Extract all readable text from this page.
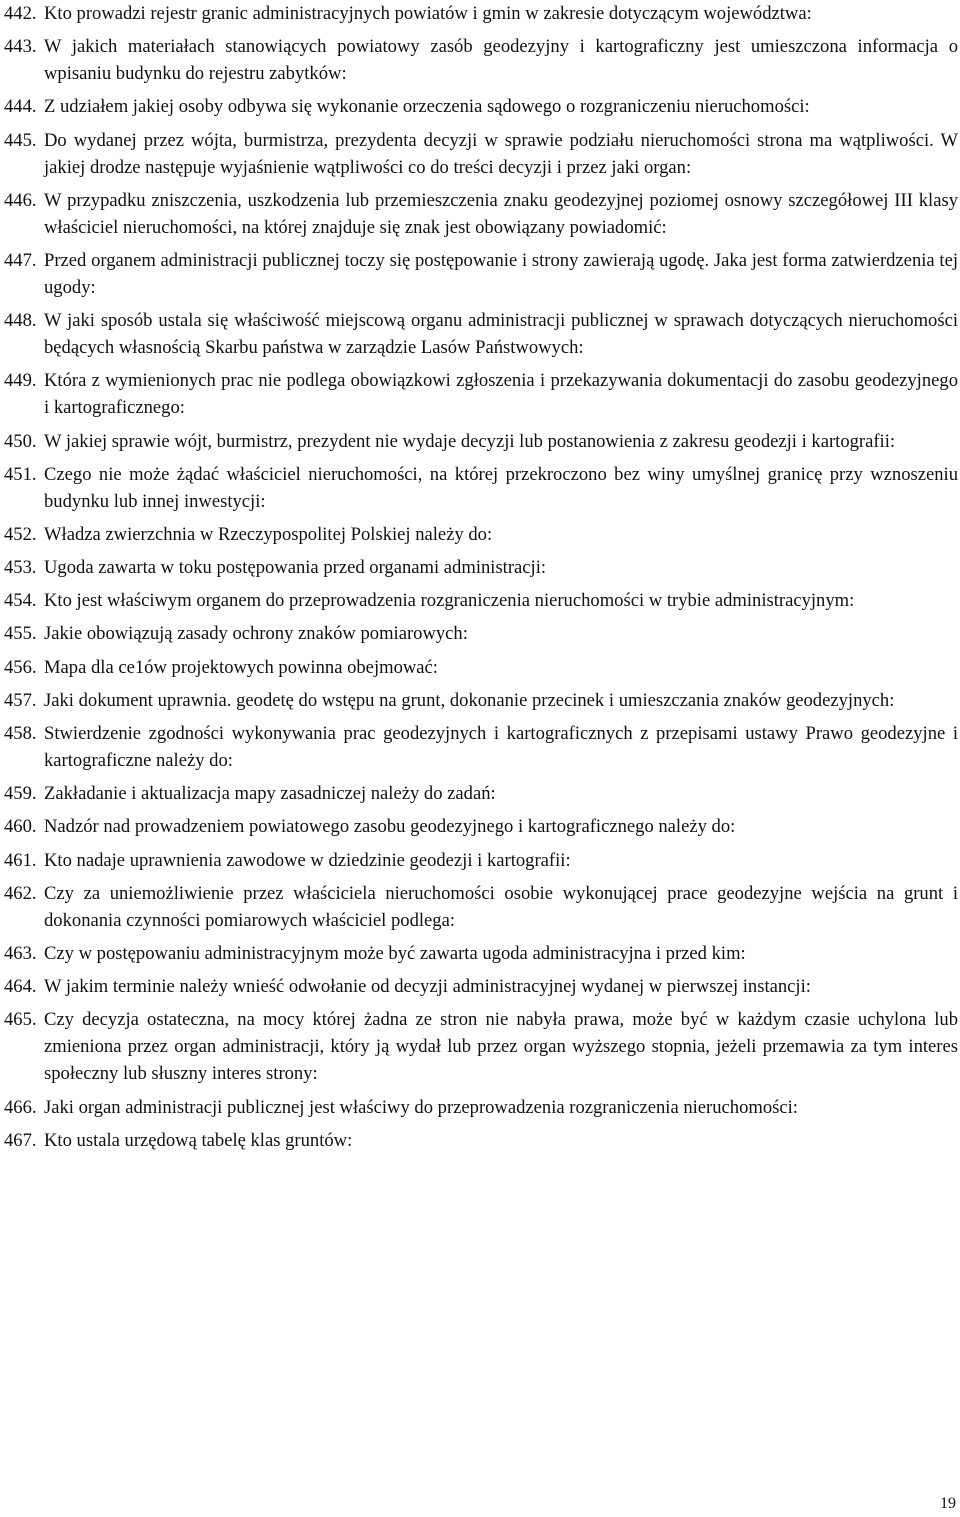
442. Kto prowadzi rejestr granic administracyjnych powiatów i gmin w zakresie dotyczącym województwa:
443. W jakich materiałach stanowiących powiatowy zasób geodezyjny i kartograficzny jest umieszczona informacja o wpisaniu budynku do rejestru zabytków:
444. Z udziałem jakiej osoby odbywa się wykonanie orzeczenia sądowego o rozgraniczeniu nieruchomości:
445. Do wydanej przez wójta, burmistrza, prezydenta decyzji w sprawie podziału nieruchomości strona ma wątpliwości. W jakiej drodze następuje wyjaśnienie wątpliwości co do treści decyzji i przez jaki organ:
446. W przypadku zniszczenia, uszkodzenia lub przemieszczenia znaku geodezyjnej poziomej osnowy szczegółowej III klasy właściciel nieruchomości, na której znajduje się znak jest obowiązany powiadomić:
447. Przed organem administracji publicznej toczy się postępowanie i strony zawierają ugodę. Jaka jest forma zatwierdzenia tej ugody:
448. W jaki sposób ustala się właściwość miejscową organu administracji publicznej w sprawach dotyczących nieruchomości będących własnością Skarbu państwa w zarządzie Lasów Państwowych:
449. Która z wymienionych prac nie podlega obowiązkowi zgłoszenia i przekazywania dokumentacji do zasobu geodezyjnego i kartograficznego:
450. W jakiej sprawie wójt, burmistrz, prezydent nie wydaje decyzji lub postanowienia z zakresu geodezji i kartografii:
451. Czego nie może żądać właściciel nieruchomości, na której przekroczono bez winy umyślnej granicę przy wznoszeniu budynku lub innej inwestycji:
452. Władza zwierzchnia w Rzeczypospolitej Polskiej należy do:
453. Ugoda zawarta w toku postępowania przed organami administracji:
454. Kto jest właściwym organem do przeprowadzenia rozgraniczenia nieruchomości w trybie administracyjnym:
455. Jakie obowiązują zasady ochrony znaków pomiarowych:
456. Mapa dla ce1ów projektowych powinna obejmować:
457. Jaki dokument uprawnia. geodetę do wstępu na grunt, dokonanie przecinek i umieszczania znaków geodezyjnych:
458. Stwierdzenie zgodności wykonywania prac geodezyjnych i kartograficznych z przepisami ustawy Prawo geodezyjne i kartograficzne należy do:
459. Zakładanie i aktualizacja mapy zasadniczej należy do zadań:
460. Nadzór nad prowadzeniem powiatowego zasobu geodezyjnego i kartograficznego należy do:
461. Kto nadaje uprawnienia zawodowe w dziedzinie geodezji i kartografii:
462. Czy za uniemożliwienie przez właściciela nieruchomości osobie wykonującej prace geodezyjne wejścia na grunt i dokonania czynności pomiarowych właściciel podlega:
463. Czy w postępowaniu administracyjnym może być zawarta ugoda administracyjna i przed kim:
464. W jakim terminie należy wnieść odwołanie od decyzji administracyjnej wydanej w pierwszej instancji:
465. Czy decyzja ostateczna, na mocy której żadna ze stron nie nabyła prawa, może być w każdym czasie uchylona lub zmieniona przez organ administracji, który ją wydał lub przez organ wyższego stopnia, jeżeli przemawia za tym interes społeczny lub słuszny interes strony:
466. Jaki organ administracji publicznej jest właściwy do przeprowadzenia rozgraniczenia nieruchomości:
467. Kto ustala urzędową tabelę klas gruntów:
19
